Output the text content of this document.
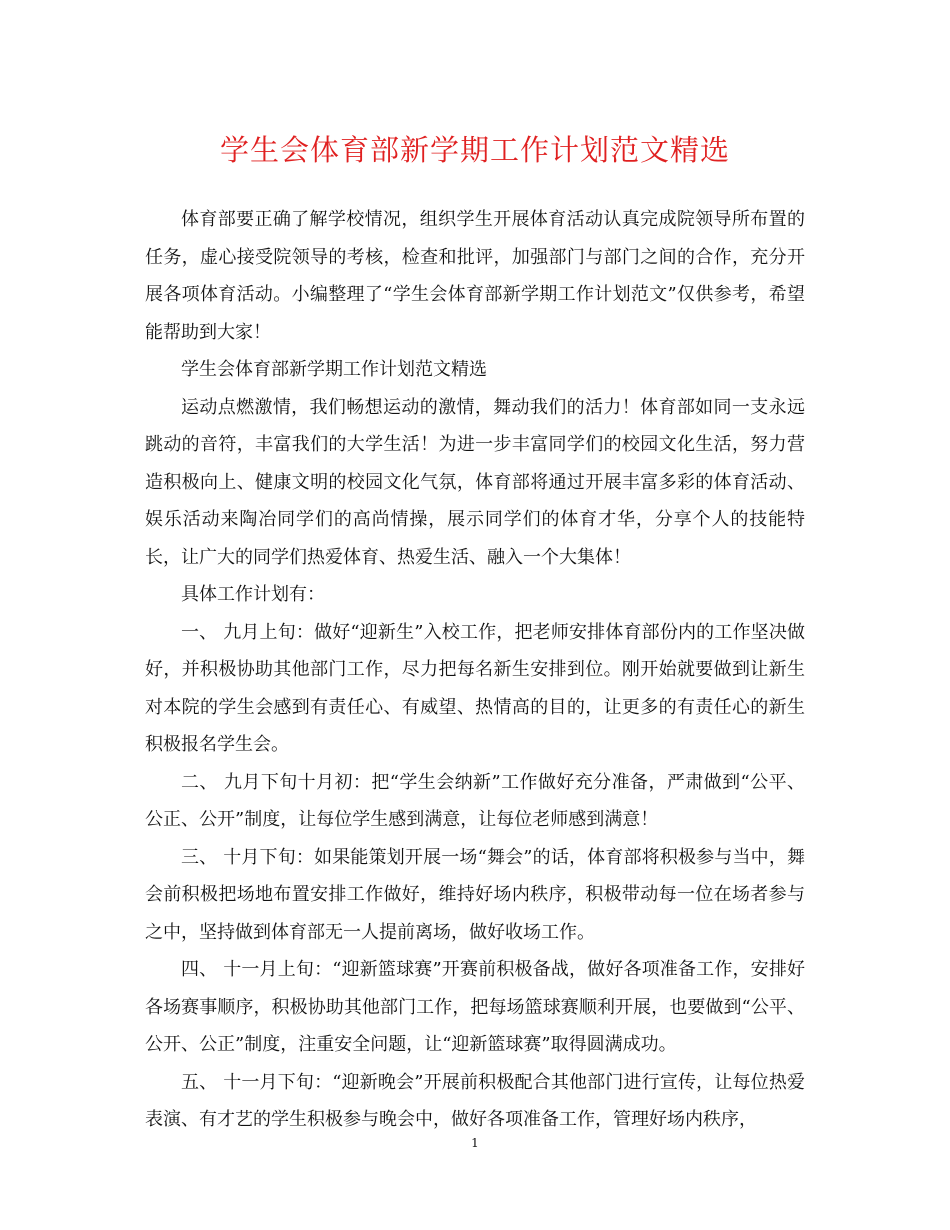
学生会体育部新学期工作计划范文精选

体育部要正确了解学校情况，组织学生开展体育活动认真完成院领导所布置的任务，虚心接受院领导的考核，检查和批评，加强部门与部门之间的合作，充分开展各项体育活动。小编整理了“学生会体育部新学期工作计划范文”仅供参考，希望能帮助到大家！

学生会体育部新学期工作计划范文精选

运动点燃激情，我们畅想运动的激情，舞动我们的活力！体育部如同一支永远跳动的音符，丰富我们的大学生活！为进一步丰富同学们的校园文化生活，努力营造积极向上、健康文明的校园文化气氛，体育部将通过开展丰富多彩的体育活动、娱乐活动来陶冶同学们的高尚情操，展示同学们的体育才华，分享个人的技能特长，让广大的同学们热爱体育、热爱生活、融入一个大集体！

具体工作计划有：

一、 九月上旬：做好“迎新生”入校工作，把老师安排体育部份内的工作坚决做好，并积极协助其他部门工作，尽力把每名新生安排到位。刚开始就要做到让新生对本院的学生会感到有责任心、有威望、热情高的目的，让更多的有责任心的新生积极报名学生会。

二、 九月下旬十月初：把“学生会纳新”工作做好充分准备，严肃做到“公平、公正、公开”制度，让每位学生感到满意，让每位老师感到满意！

三、 十月下旬：如果能策划开展一场“舞会”的话，体育部将积极参与当中，舞会前积极把场地布置安排工作做好，维持好场内秩序，积极带动每一位在场者参与之中，坚持做到体育部无一人提前离场，做好收场工作。

四、 十一月上旬：“迎新篮球赛”开赛前积极备战，做好各项准备工作，安排好各场赛事顺序，积极协助其他部门工作，把每场篮球赛顺利开展，也要做到“公平、公开、公正”制度，注重安全问题，让“迎新篮球赛”取得圆满成功。

五、 十一月下旬：“迎新晚会”开展前积极配合其他部门进行宣传，让每位热爱表演、有才艺的学生积极参与晚会中，做好各项准备工作，管理好场内秩序，

1
